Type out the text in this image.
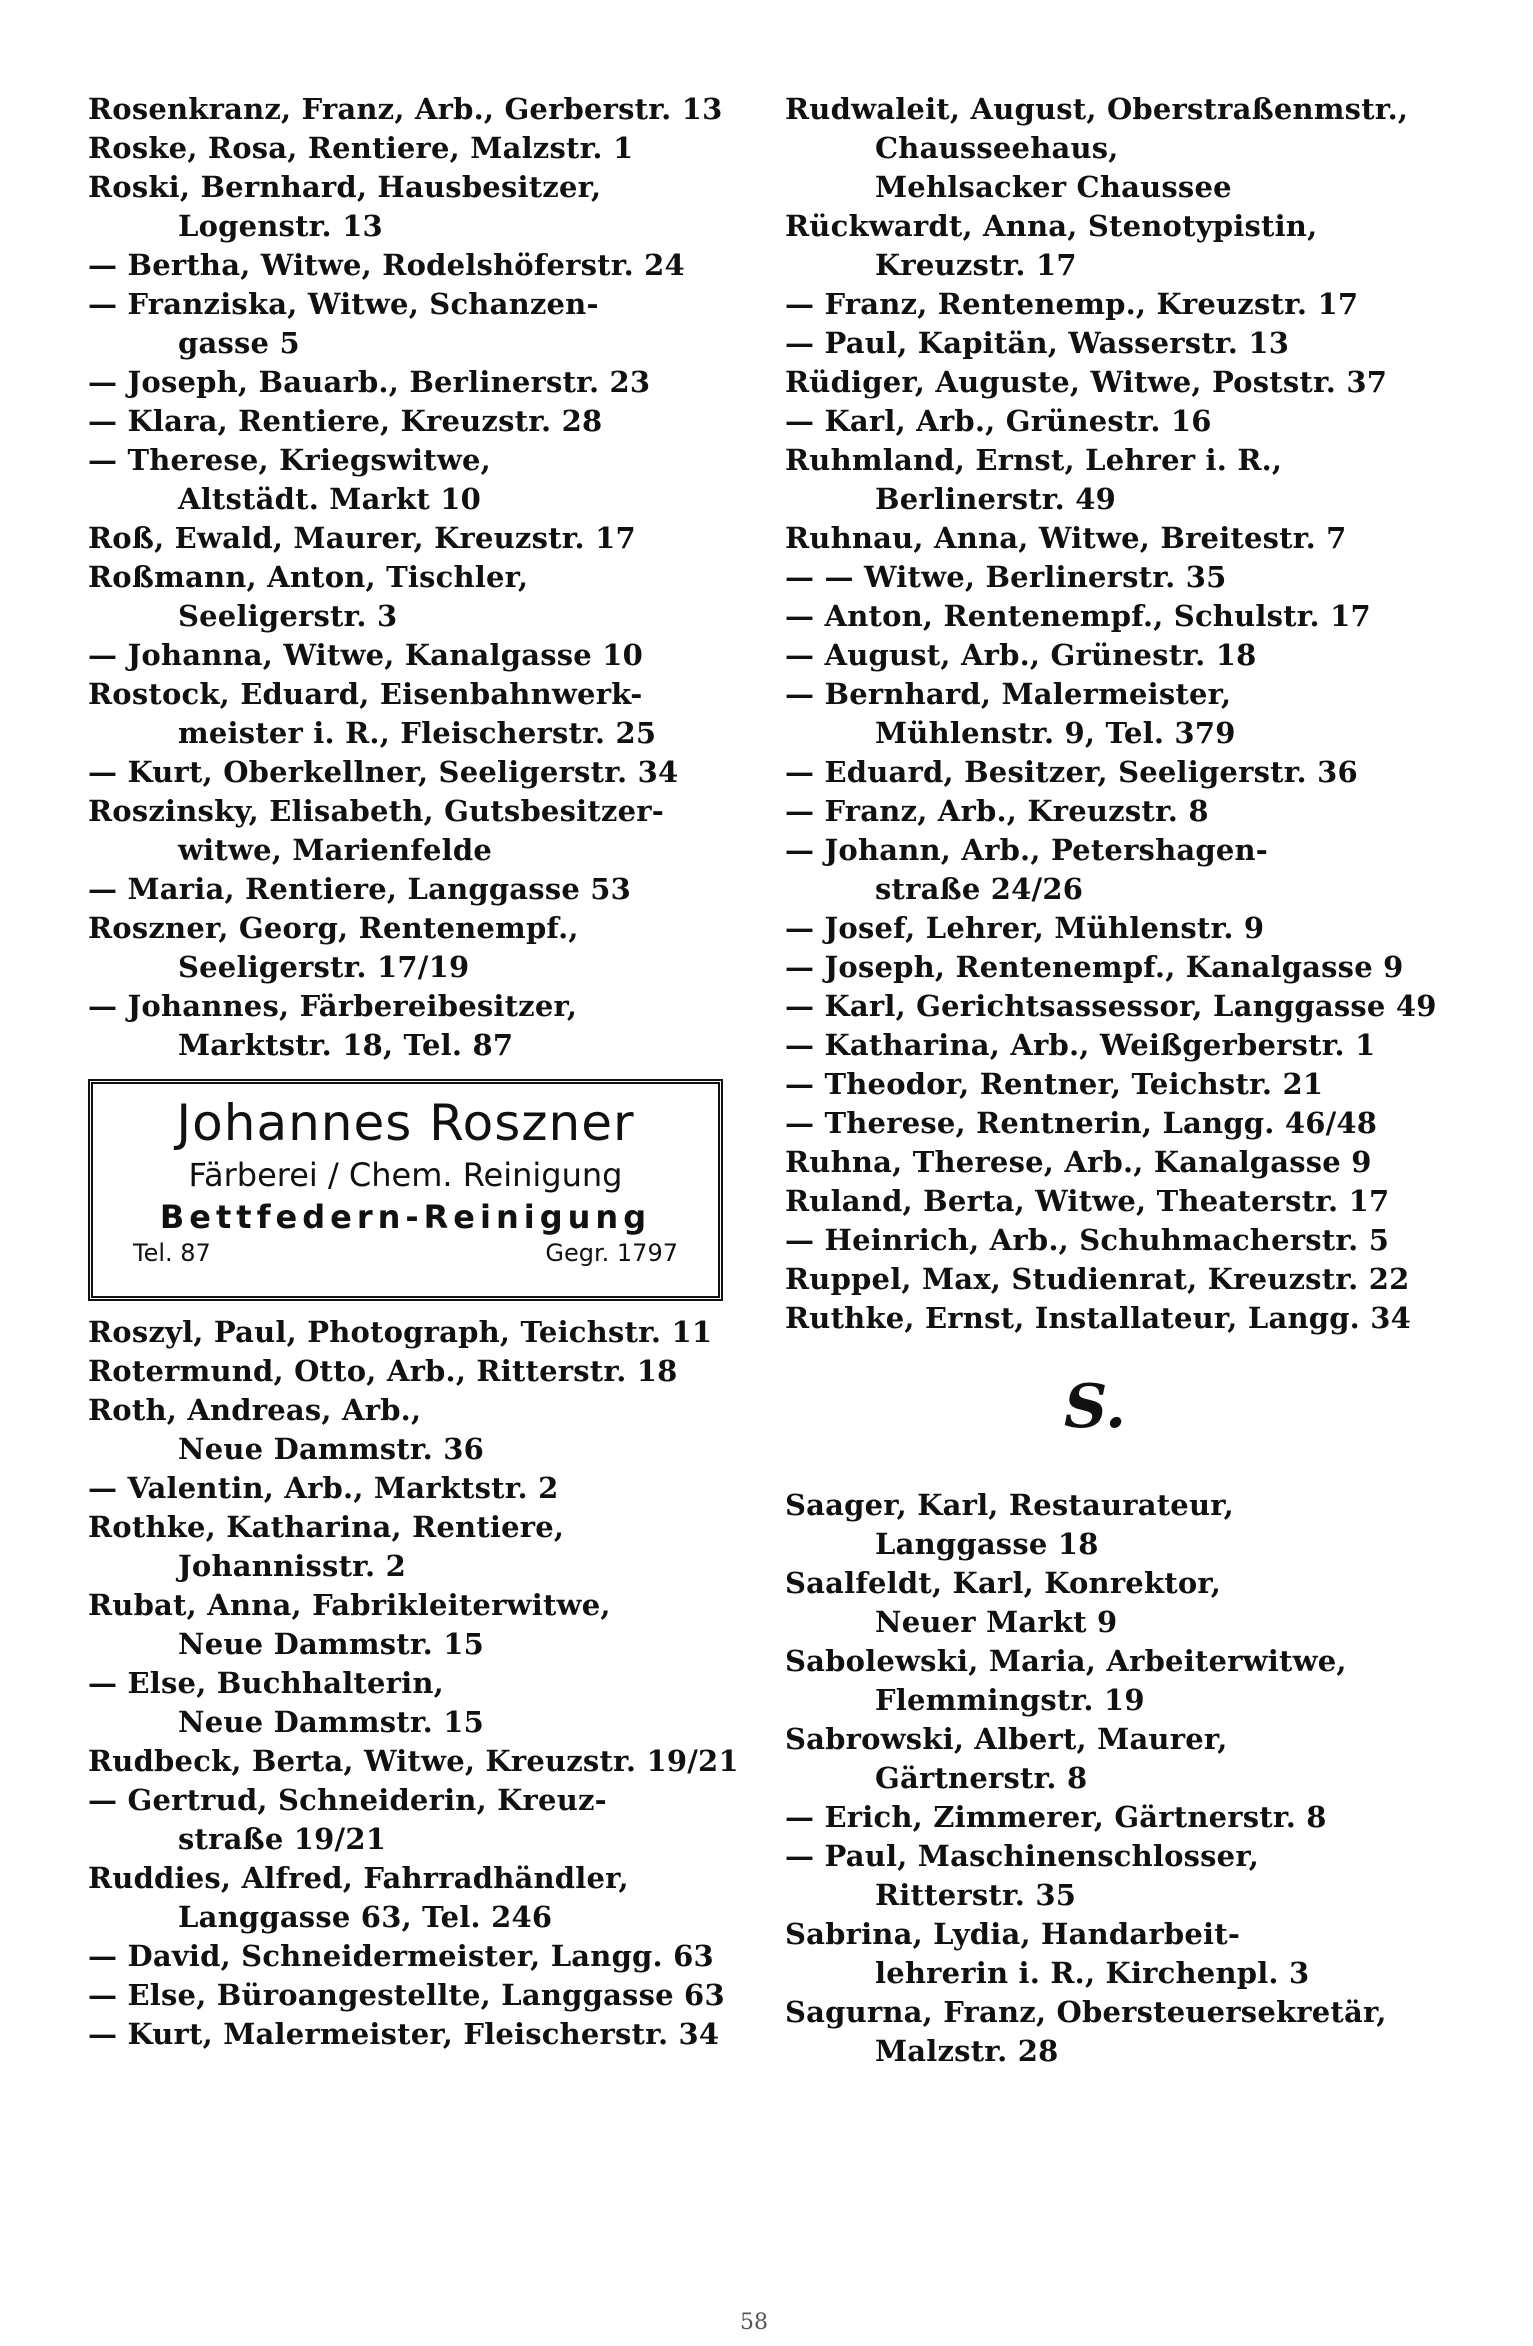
Rosenkranz, Franz, Arb., Gerberstr. 13
Roske, Rosa, Rentiere, Malzstr. 1
Roski, Bernhard, Hausbesitzer,
Logenstr. 13
— Bertha, Witwe, Rodelshöferstr. 24
— Franziska, Witwe, Schanzen-
gasse 5
— Joseph, Bauarb., Berlinerstr. 23
— Klara, Rentiere, Kreuzstr. 28
— Therese, Kriegswitwe,
Altstädt. Markt 10
Roß, Ewald, Maurer, Kreuzstr. 17
Roßmann, Anton, Tischler,
Seeligerstr. 3
— Johanna, Witwe, Kanalgasse 10
Rostock, Eduard, Eisenbahnwerk-
meister i. R., Fleischerstr. 25
— Kurt, Oberkellner, Seeligerstr. 34
Roszinsky, Elisabeth, Gutsbesitzer-
witwe, Marienfelde
— Maria, Rentiere, Langgasse 53
Roszner, Georg, Rentenempf.,
Seeligerstr. 17/19
— Johannes, Färbereibesitzer,
Marktstr. 18, Tel. 87
Johannes Roszner
Färberei / Chem. Reinigung
Bettfedern-Reinigung
Tel. 87	Gegr. 1797
Roszyl, Paul, Photograph, Teichstr. 11
Rotermund, Otto, Arb., Ritterstr. 18
Roth, Andreas, Arb.,
Neue Dammstr. 36
— Valentin, Arb., Marktstr. 2
Rothke, Katharina, Rentiere,
Johannisstr. 2
Rubat, Anna, Fabrikleiterwitwe,
Neue Dammstr. 15
— Else, Buchhalterin,
Neue Dammstr. 15
Rudbeck, Berta, Witwe, Kreuzstr. 19/21
— Gertrud, Schneiderin, Kreuz-
straße 19/21
Ruddies, Alfred, Fahrradhändler,
Langgasse 63, Tel. 246
— David, Schneidermeister, Langg. 63
— Else, Büroangestellte, Langgasse 63
— Kurt, Malermeister, Fleischerstr. 34
Rudwaleit, August, Oberstraßenmstr.,
Chausseehaus,
Mehlsacker Chaussee
Rückwardt, Anna, Stenotypistin,
Kreuzstr. 17
— Franz, Rentenemp., Kreuzstr. 17
— Paul, Kapitän, Wasserstr. 13
Rüdiger, Auguste, Witwe, Poststr. 37
— Karl, Arb., Grünestr. 16
Ruhmland, Ernst, Lehrer i. R.,
Berlinerstr. 49
Ruhnau, Anna, Witwe, Breitestr. 7
— — Witwe, Berlinerstr. 35
— Anton, Rentenempf., Schulstr. 17
— August, Arb., Grünestr. 18
— Bernhard, Malermeister,
Mühlenstr. 9, Tel. 379
— Eduard, Besitzer, Seeligerstr. 36
— Franz, Arb., Kreuzstr. 8
— Johann, Arb., Petershagen-
straße 24/26
— Josef, Lehrer, Mühlenstr. 9
— Joseph, Rentenempf., Kanalgasse 9
— Karl, Gerichtsassessor, Langgasse 49
— Katharina, Arb., Weißgerberstr. 1
— Theodor, Rentner, Teichstr. 21
— Therese, Rentnerin, Langg. 46/48
Ruhna, Therese, Arb., Kanalgasse 9
Ruland, Berta, Witwe, Theaterstr. 17
— Heinrich, Arb., Schuhmacherstr. 5
Ruppel, Max, Studienrat, Kreuzstr. 22
Ruthke, Ernst, Installateur, Langg. 34
S.
Saager, Karl, Restaurateur,
Langgasse 18
Saalfeldt, Karl, Konrektor,
Neuer Markt 9
Sabolewski, Maria, Arbeiterwitwe,
Flemmingstr. 19
Sabrowski, Albert, Maurer,
Gärtnerstr. 8
— Erich, Zimmerer, Gärtnerstr. 8
— Paul, Maschinenschlosser,
Ritterstr. 35
Sabrina, Lydia, Handarbeit-
lehrerin i. R., Kirchenpl. 3
Sagurna, Franz, Obersteuersekretär,
Malzstr. 28
58
